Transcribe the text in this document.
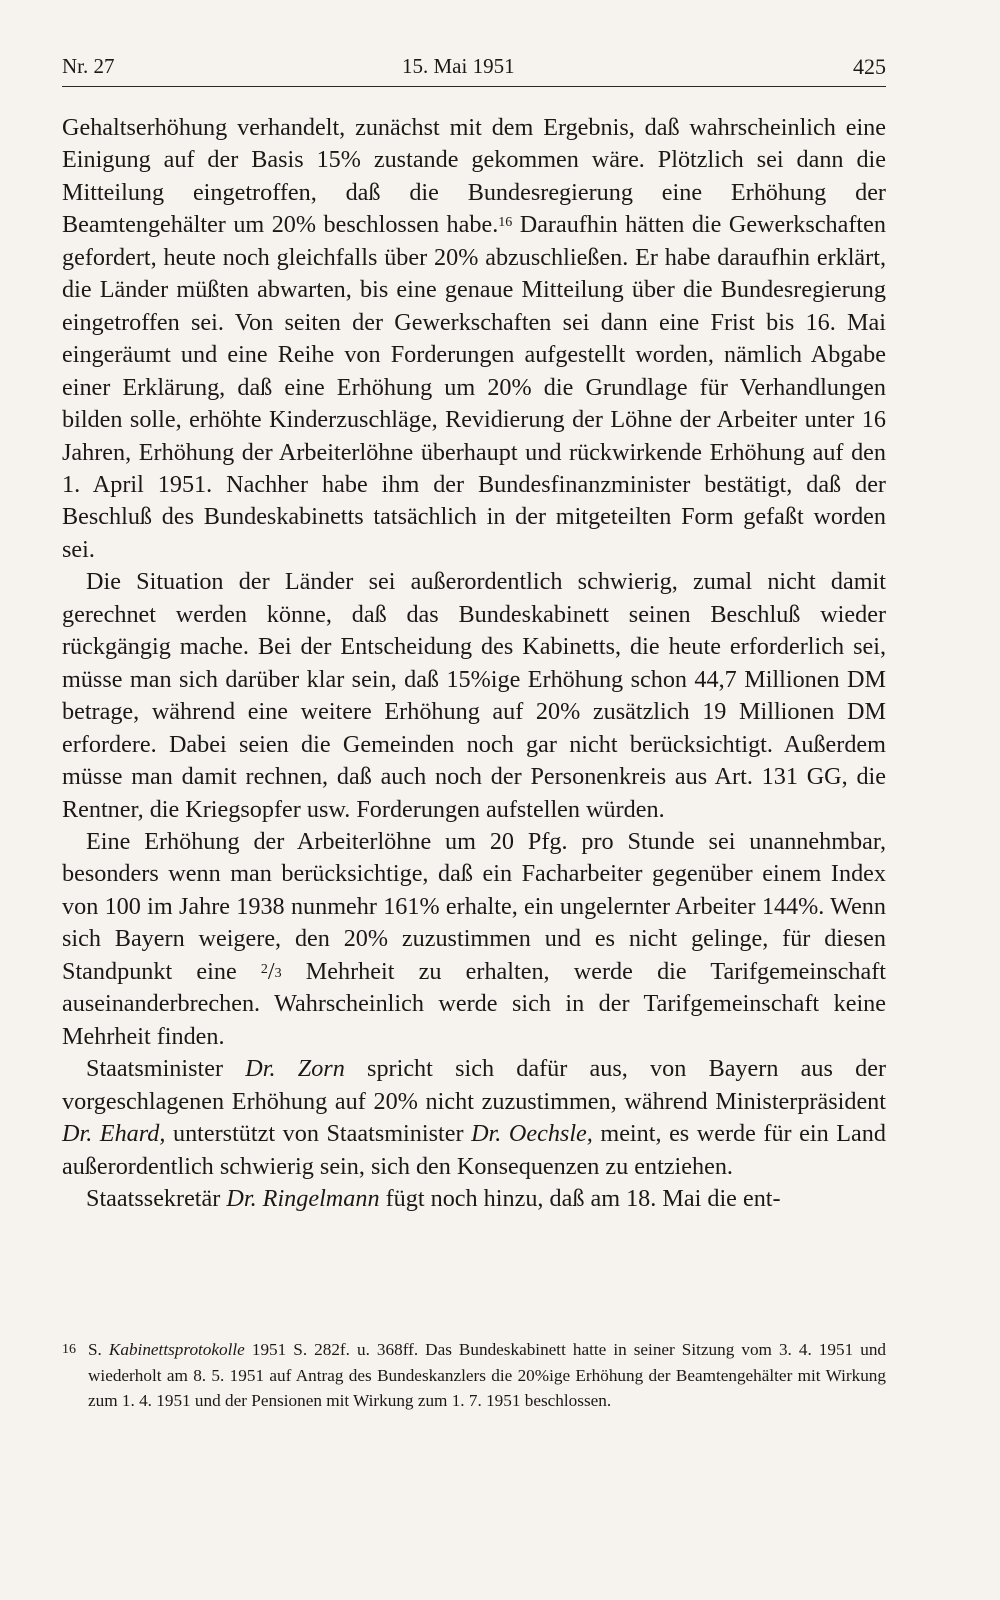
Nr. 27	15. Mai 1951	425

Gehaltserhöhung verhandelt, zunächst mit dem Ergebnis, daß wahrscheinlich eine Einigung auf der Basis 15% zustande gekommen wäre. Plötzlich sei dann die Mitteilung eingetroffen, daß die Bundesregierung eine Erhöhung der Beamtengehälter um 20% beschlossen habe.$^{16}$ Daraufhin hätten die Gewerkschaften gefordert, heute noch gleichfalls über 20% abzuschließen. Er habe daraufhin erklärt, die Länder müßten abwarten, bis eine genaue Mitteilung über die Bundesregierung eingetroffen sei. Von seiten der Gewerkschaften sei dann eine Frist bis 16. Mai eingeräumt und eine Reihe von Forderungen aufgestellt worden, nämlich Abgabe einer Erklärung, daß eine Erhöhung um 20% die Grundlage für Verhandlungen bilden solle, erhöhte Kinderzuschläge, Revidierung der Löhne der Arbeiter unter 16 Jahren, Erhöhung der Arbeiterlöhne überhaupt und rückwirkende Erhöhung auf den 1. April 1951. Nachher habe ihm der Bundesfinanzminister bestätigt, daß der Beschluß des Bundeskabinetts tatsächlich in der mitgeteilten Form gefaßt worden sei.

Die Situation der Länder sei außerordentlich schwierig, zumal nicht damit gerechnet werden könne, daß das Bundeskabinett seinen Beschluß wieder rückgängig mache. Bei der Entscheidung des Kabinetts, die heute erforderlich sei, müsse man sich darüber klar sein, daß 15%ige Erhöhung schon 44,7 Millionen DM betrage, während eine weitere Erhöhung auf 20% zusätzlich 19 Millionen DM erfordere. Dabei seien die Gemeinden noch gar nicht berücksichtigt. Außerdem müsse man damit rechnen, daß auch noch der Personenkreis aus Art. 131 GG, die Rentner, die Kriegsopfer usw. Forderungen aufstellen würden.

Eine Erhöhung der Arbeiterlöhne um 20 Pfg. pro Stunde sei unannehmbar, besonders wenn man berücksichtige, daß ein Facharbeiter gegenüber einem Index von 100 im Jahre 1938 nunmehr 161% erhalte, ein ungelernter Arbeiter 144%. Wenn sich Bayern weigere, den 20% zuzustimmen und es nicht gelinge, für diesen Standpunkt eine $^2/_3$ Mehrheit zu erhalten, werde die Tarifgemeinschaft auseinanderbrechen. Wahrscheinlich werde sich in der Tarifgemeinschaft keine Mehrheit finden.

Staatsminister Dr. Zorn spricht sich dafür aus, von Bayern aus der vorgeschlagenen Erhöhung auf 20% nicht zuzustimmen, während Ministerpräsident Dr. Ehard, unterstützt von Staatsminister Dr. Oechsle, meint, es werde für ein Land außerordentlich schwierig sein, sich den Konsequenzen zu entziehen.

Staatssekretär Dr. Ringelmann fügt noch hinzu, daß am 18. Mai die ent-

16 S. Kabinettsprotokolle 1951 S. 282f. u. 368ff. Das Bundeskabinett hatte in seiner Sitzung vom 3. 4. 1951 und wiederholt am 8. 5. 1951 auf Antrag des Bundeskanzlers die 20%ige Erhöhung der Beamtengehälter mit Wirkung zum 1. 4. 1951 und der Pensionen mit Wirkung zum 1. 7. 1951 beschlossen.
